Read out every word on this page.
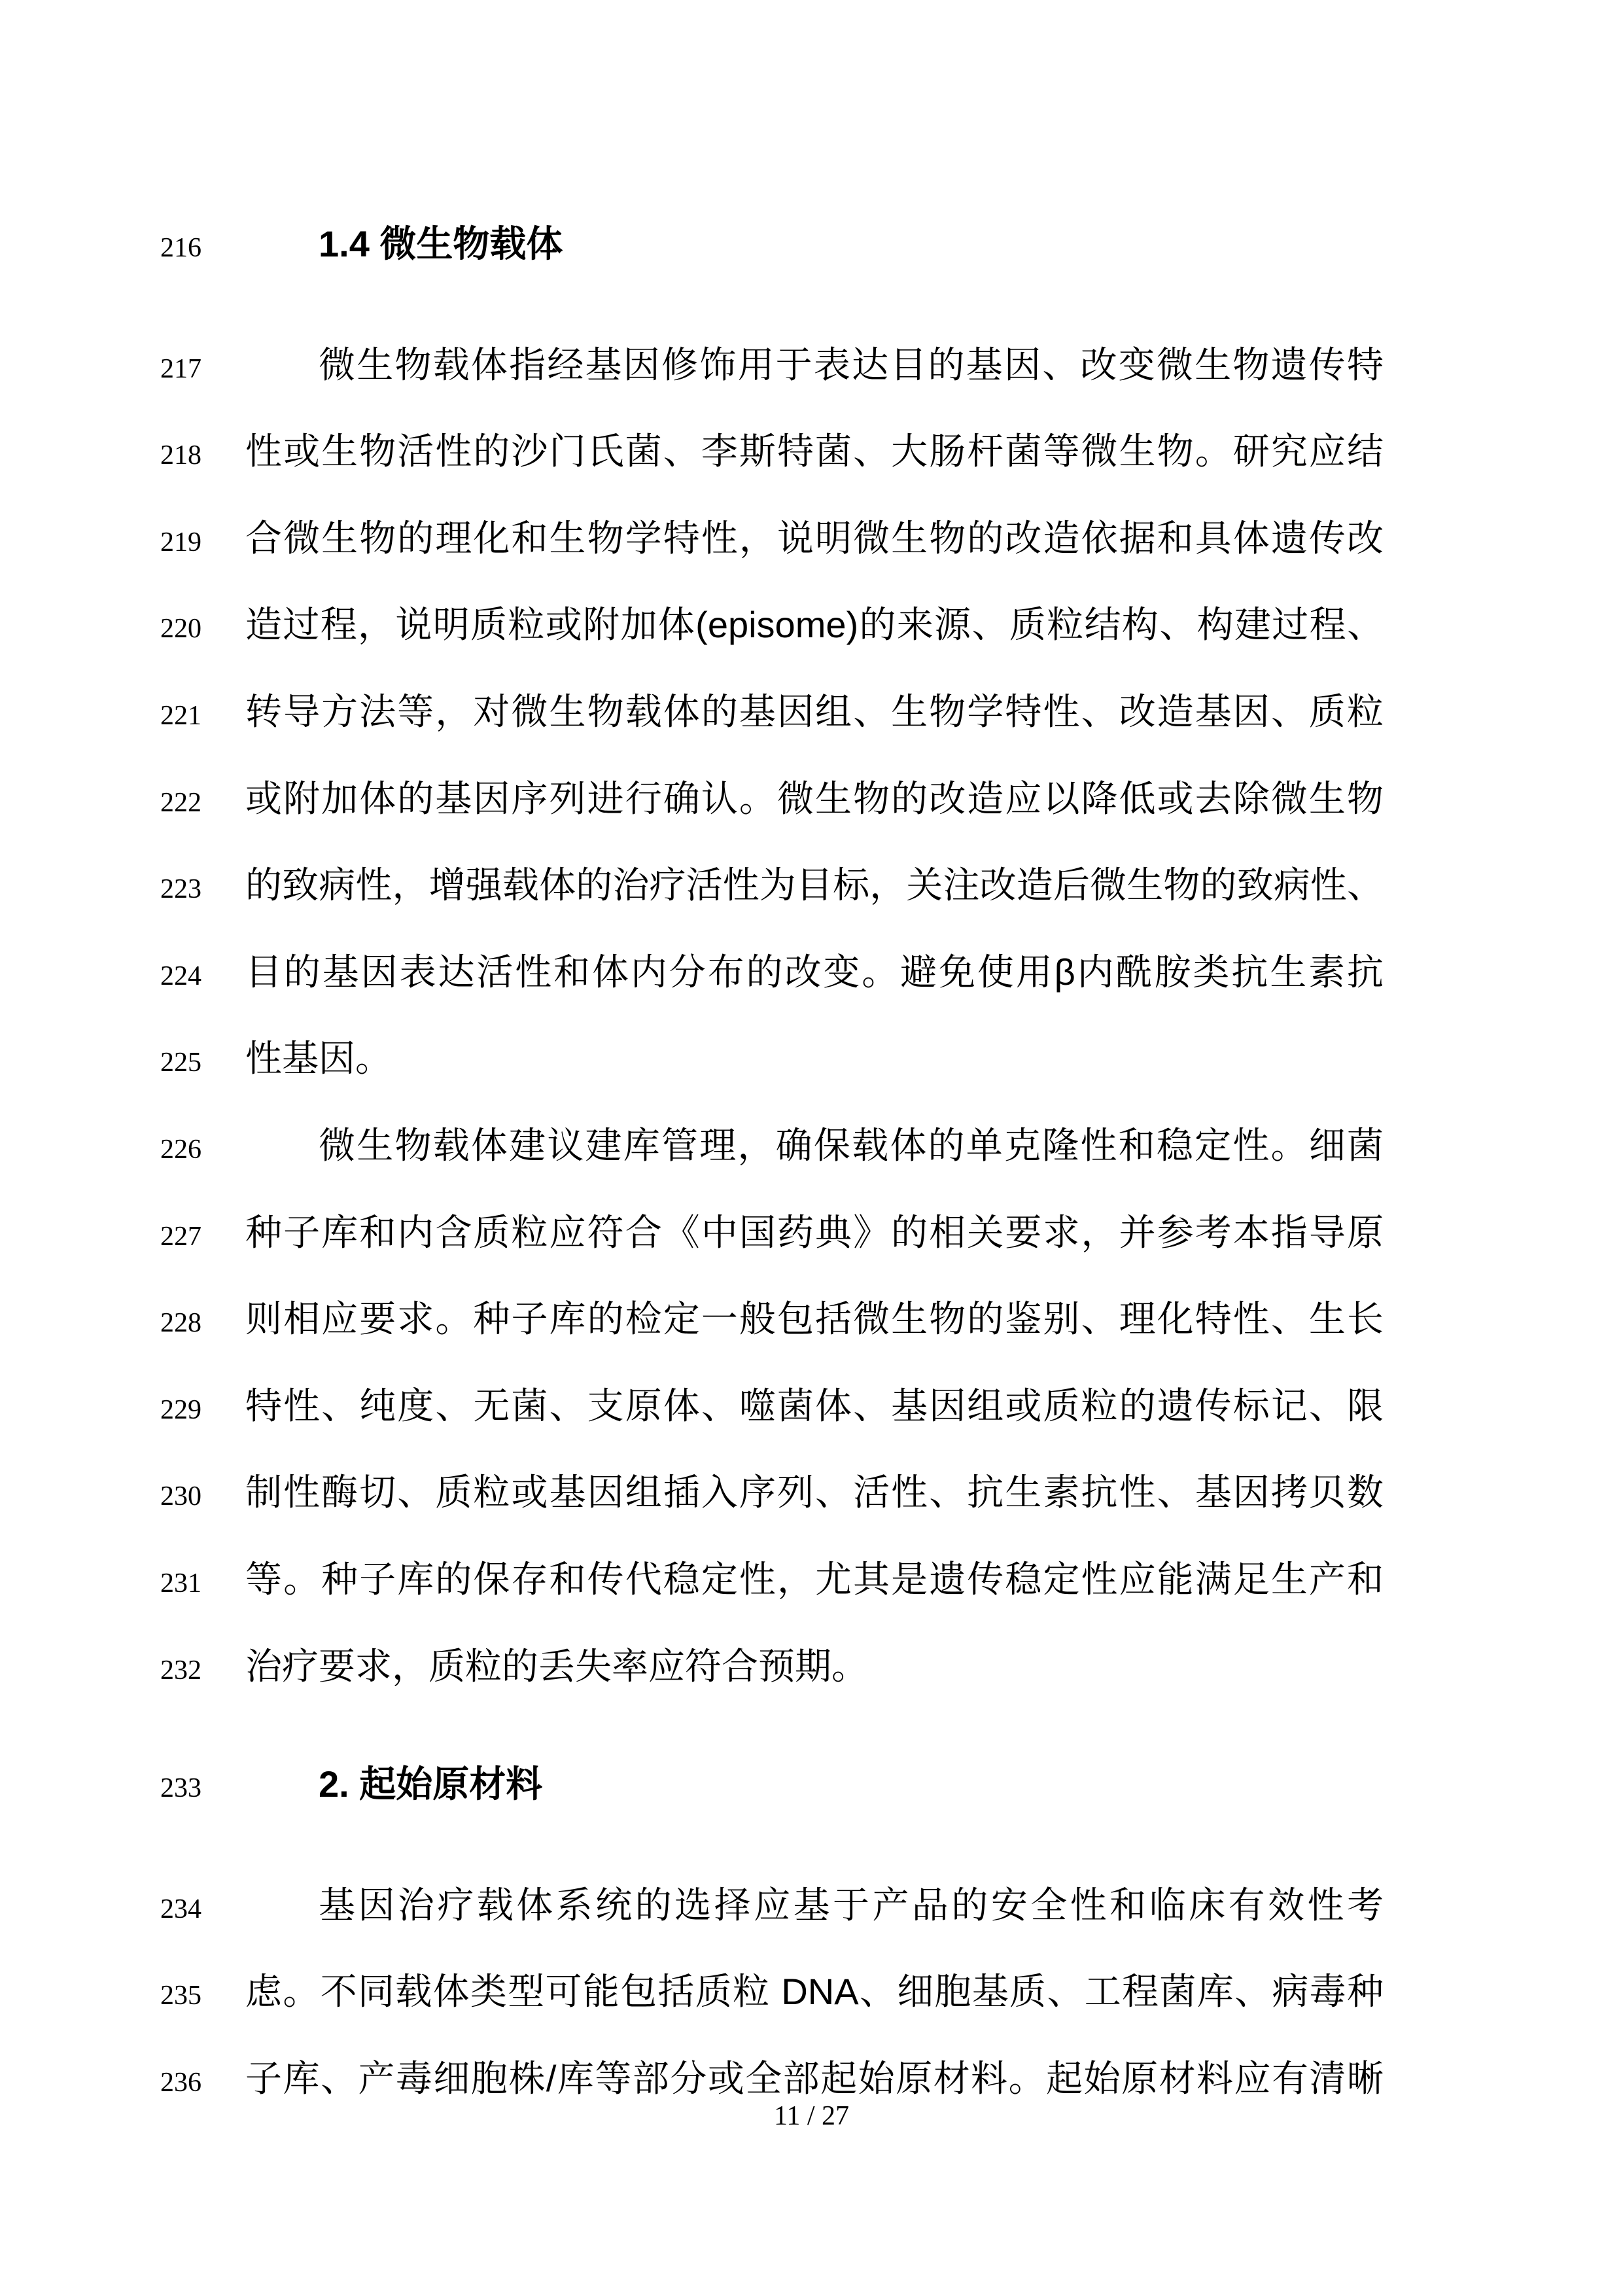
216	1.4 微生物载体
217	微生物载体指经基因修饰用于表达目的基因、改变微生物遗传特
218	性或生物活性的沙门氏菌、李斯特菌、大肠杆菌等微生物。研究应结
219	合微生物的理化和生物学特性，说明微生物的改造依据和具体遗传改
220	造过程，说明质粒或附加体(episome)的来源、质粒结构、构建过程、
221	转导方法等，对微生物载体的基因组、生物学特性、改造基因、质粒
222	或附加体的基因序列进行确认。微生物的改造应以降低或去除微生物
223	的致病性，增强载体的治疗活性为目标，关注改造后微生物的致病性、
224	目的基因表达活性和体内分布的改变。避免使用β内酰胺类抗生素抗
225	性基因。
226	微生物载体建议建库管理，确保载体的单克隆性和稳定性。细菌
227	种子库和内含质粒应符合《中国药典》的相关要求，并参考本指导原
228	则相应要求。种子库的检定一般包括微生物的鉴别、理化特性、生长
229	特性、纯度、无菌、支原体、噬菌体、基因组或质粒的遗传标记、限
230	制性酶切、质粒或基因组插入序列、活性、抗生素抗性、基因拷贝数
231	等。种子库的保存和传代稳定性，尤其是遗传稳定性应能满足生产和
232	治疗要求，质粒的丢失率应符合预期。
233	2. 起始原材料
234	基因治疗载体系统的选择应基于产品的安全性和临床有效性考
235	虑。不同载体类型可能包括质粒 DNA、细胞基质、工程菌库、病毒种
236	子库、产毒细胞株/库等部分或全部起始原材料。起始原材料应有清晰
11 / 27
